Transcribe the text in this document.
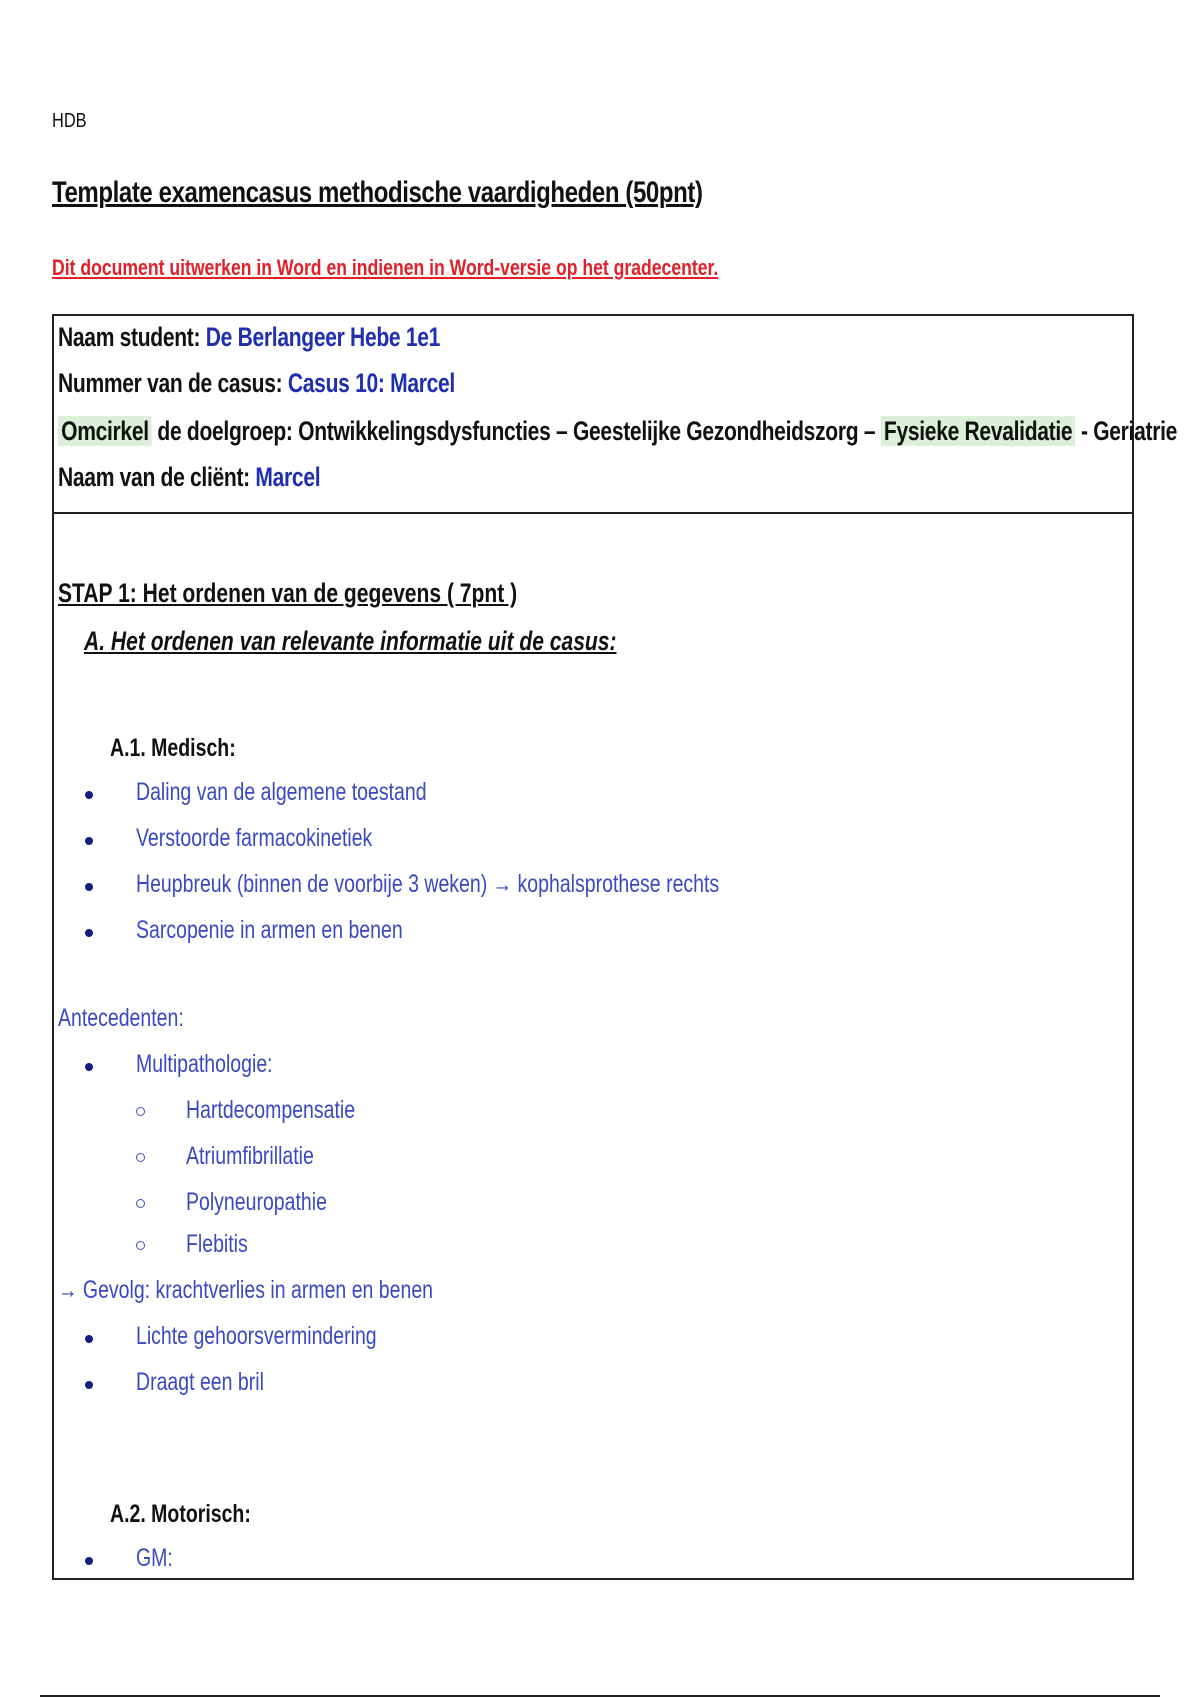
HDB
Template examencasus methodische vaardigheden (50pnt)
Dit document uitwerken in Word en indienen in Word-versie op het gradecenter.
Naam student: De Berlangeer Hebe 1e1
Nummer van de casus: Casus 10: Marcel
Omcirkel de doelgroep: Ontwikkelingsdysfuncties – Geestelijke Gezondheidszorg – Fysieke Revalidatie - Geriatrie
Naam van de cliënt: Marcel
STAP 1: Het ordenen van de gegevens ( 7pnt )
A. Het ordenen van relevante informatie uit de casus:
A.1. Medisch:
Daling van de algemene toestand
Verstoorde farmacokinetiek
Heupbreuk (binnen de voorbije 3 weken) → kophalsprothese rechts
Sarcopenie in armen en benen
Antecedenten:
Multipathologie:
Hartdecompensatie
Atriumfibrillatie
Polyneuropathie
Flebitis
→ Gevolg: krachtverlies in armen en benen
Lichte gehoorsvermindering
Draagt een bril
A.2. Motorisch:
GM:
